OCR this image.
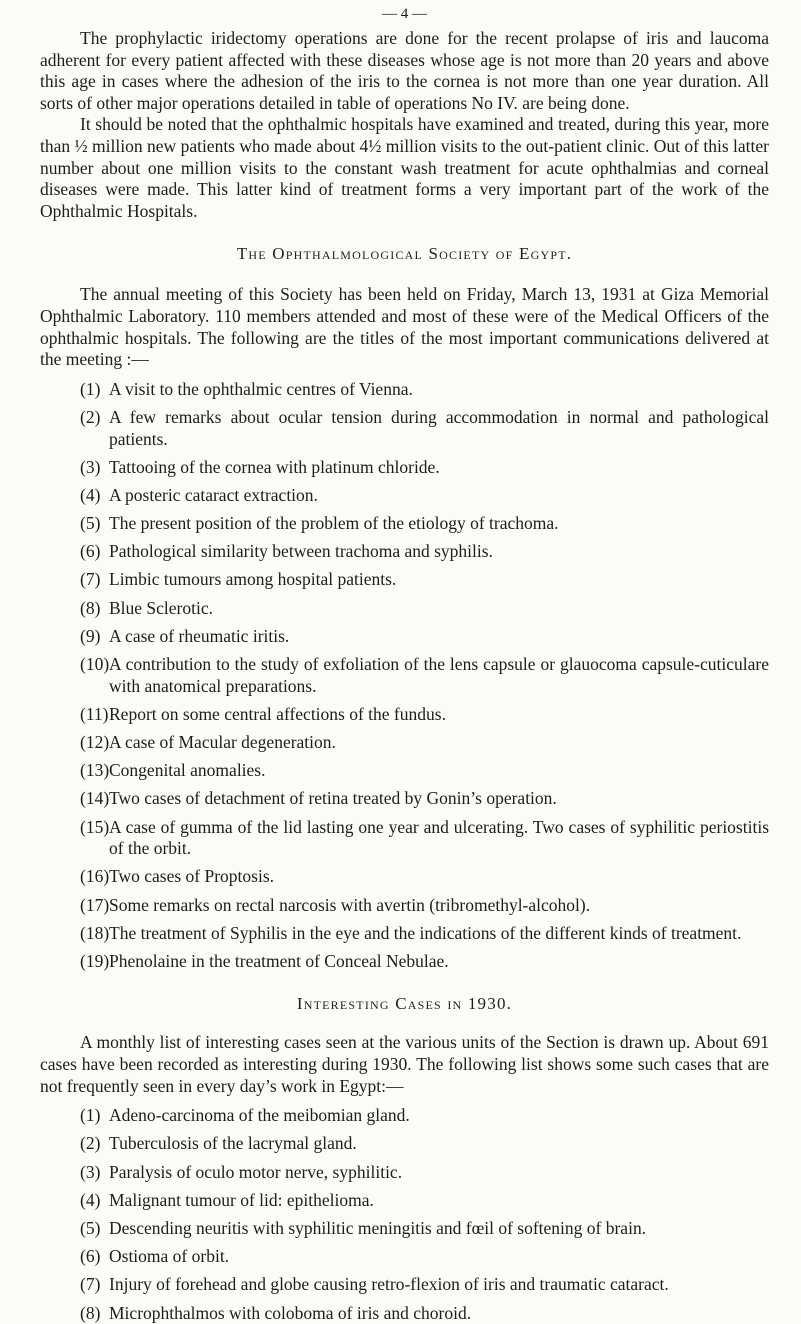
— 4 —

The prophylactic iridectomy operations are done for the recent prolapse of iris and laucoma adherent for every patient affected with these diseases whose age is not more than 20 years and above this age in cases where the adhesion of the iris to the cornea is not more than one year duration. All sorts of other major operations detailed in table of operations No IV. are being done.

It should be noted that the ophthalmic hospitals have examined and treated, during this year, more than ½ million new patients who made about 4½ million visits to the out-patient clinic. Out of this latter number about one million visits to the constant wash treatment for acute ophthalmias and corneal diseases were made. This latter kind of treatment forms a very important part of the work of the Ophthalmic Hospitals.

The Ophthalmological Society of Egypt.

The annual meeting of this Society has been held on Friday, March 13, 1931 at Giza Memorial Ophthalmic Laboratory. 110 members attended and most of these were of the Medical Officers of the ophthalmic hospitals. The following are the titles of the most important communications delivered at the meeting :—

(1) A visit to the ophthalmic centres of Vienna.
(2) A few remarks about ocular tension during accommodation in normal and pathological patients.
(3) Tattooing of the cornea with platinum chloride.
(4) A posteric cataract extraction.
(5) The present position of the problem of the etiology of trachoma.
(6) Pathological similarity between trachoma and syphilis.
(7) Limbic tumours among hospital patients.
(8) Blue Sclerotic.
(9) A case of rheumatic iritis.
(10) A contribution to the study of exfoliation of the lens capsule or glauocoma capsule-cuticulare with anatomical preparations.
(11) Report on some central affections of the fundus.
(12) A case of Macular degeneration.
(13) Congenital anomalies.
(14) Two cases of detachment of retina treated by Gonin’s operation.
(15) A case of gumma of the lid lasting one year and ulcerating. Two cases of syphilitic periostitis of the orbit.
(16) Two cases of Proptosis.
(17) Some remarks on rectal narcosis with avertin (tribromethyl-alcohol).
(18) The treatment of Syphilis in the eye and the indications of the different kinds of treatment.
(19) Phenolaine in the treatment of Conceal Nebulae.
Interesting Cases in 1930.

A monthly list of interesting cases seen at the various units of the Section is drawn up. About 691 cases have been recorded as interesting during 1930. The following list shows some such cases that are not frequently seen in every day’s work in Egypt:—

(1) Adeno-carcinoma of the meibomian gland.
(2) Tuberculosis of the lacrymal gland.
(3) Paralysis of oculo motor nerve, syphilitic.
(4) Malignant tumour of lid: epithelioma.
(5) Descending neuritis with syphilitic meningitis and fœil of softening of brain.
(6) Ostioma of orbit.
(7) Injury of forehead and globe causing retro-flexion of iris and traumatic cataract.
(8) Microphthalmos with coloboma of iris and choroid.
